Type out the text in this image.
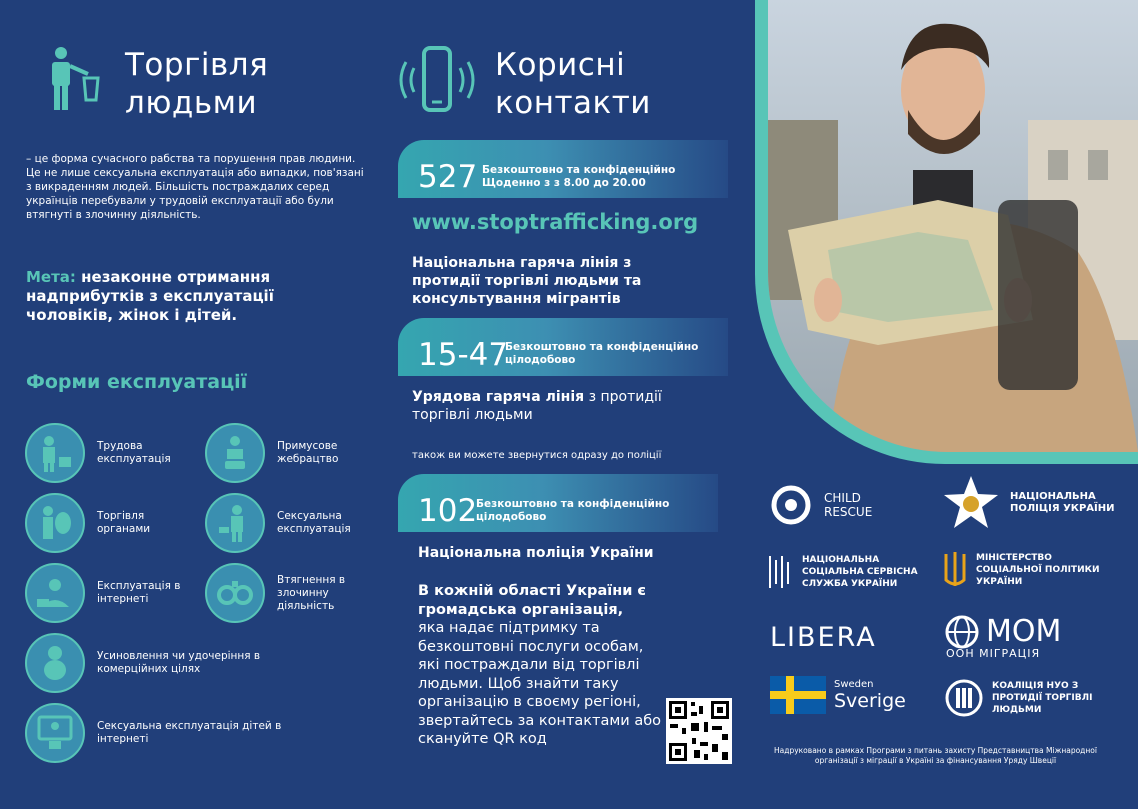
Торгівля
людьми
– це форма сучасного рабства та порушення прав людини. Це не лише сексуальна експлуатація або випадки, пов'язані з викраденням людей. Більшість постраждалих серед українців перебували у трудовій експлуатації або були втягнуті в злочинну діяльність.
Мета: незаконне отримання надприбутків з експлуатації чоловіків, жінок і дітей.
Форми експлуатації
Трудова експлуатація
Примусове жебрацтво
Торгівля органами
Сексуальна експлуатація
Експлуатація в інтернеті
Втягнення в злочинну діяльність
Усиновлення чи удочеріння в комерційних цілях
Сексуальна експлуатація дітей в інтернеті
Корисні
контакти
527 Безкоштовно та конфіденційно
Щоденно з з 8.00 до 20.00
www.stoptrafficking.org
Національна гаряча лінія з протидії торгівлі людьми та консультування мігрантів
15-47
Безкоштовно та конфіденційно
цілодобово
Урядова гаряча лінія з протидії торгівлі людьми
також ви можете звернутися одразу до поліції
102
Безкоштовно та конфіденційно
цілодобово
Національна поліція України
В кожній області України є громадська організація,
яка надає підтримку та безкоштовні послуги особам, які постраждали від торгівлі людьми. Щоб знайти таку організацію в своєму регіоні, звертайтесь за контактами або скануйте QR код
CHILD RESCUE
НАЦІОНАЛЬНА ПОЛІЦІЯ УКРАЇНИ
НАЦІОНАЛЬНА СОЦІАЛЬНА СЕРВІСНА СЛУЖБА УКРАЇНИ
МІНІСТЕРСТВО СОЦІАЛЬНОЇ ПОЛІТИКИ УКРАЇНИ
LIBERA	МОМ
ООН МІГРАЦІЯ
Sweden
Sverige
КОАЛІЦІЯ НУО З ПРОТИДІЇ ТОРГІВЛІ ЛЮДЬМИ
Надруковано в рамках Програми з питань захисту Представництва Міжнародної організації з міграції в Україні за фінансування Уряду Швеції
